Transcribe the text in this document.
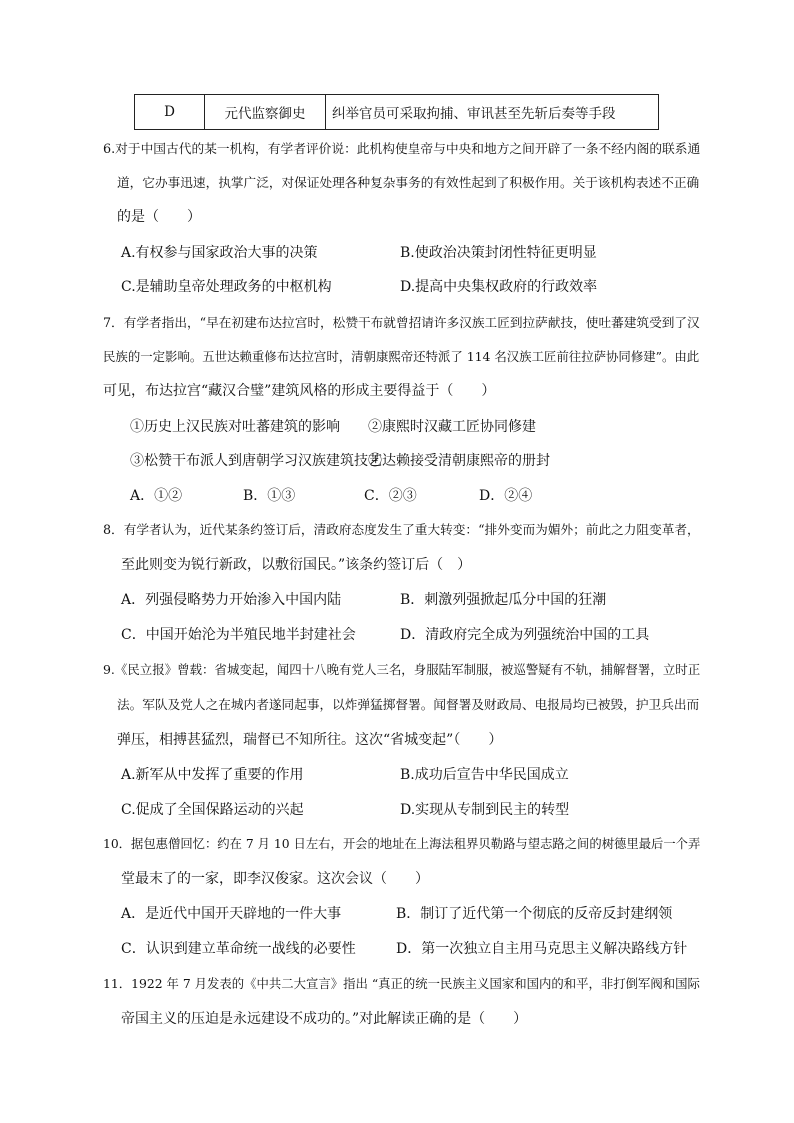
D	元代监察御史	纠举官员可采取拘捕、审讯甚至先斩后奏等手段
6.对于中国古代的某一机构，有学者评价说：此机构使皇帝与中央和地方之间开辟了一条不经内阁的联系通
道，它办事迅速，执掌广泛，对保证处理各种复杂事务的有效性起到了积极作用。关于该机构表述不正确
的是（　　）
A.有权参与国家政治大事的决策	B.使政治决策封闭性特征更明显
C.是辅助皇帝处理政务的中枢机构	D.提高中央集权政府的行政效率
7．有学者指出，“早在初建布达拉宫时，松赞干布就曾招请许多汉族工匠到拉萨献技，使吐蕃建筑受到了汉
民族的一定影响。五世达赖重修布达拉宫时，清朝康熙帝还特派了 114 名汉族工匠前往拉萨协同修建”。由此
可见，布达拉宫“藏汉合璧”建筑风格的形成主要得益于（　　）
①历史上汉民族对吐蕃建筑的影响 ②康熙时汉藏工匠协同修建
③松赞干布派人到唐朝学习汉族建筑技艺
④达赖接受清朝康熙帝的册封
A．①②	B．①③	C．②③	D．②④
8．有学者认为，近代某条约签订后，清政府态度发生了重大转变：“排外变而为媚外；前此之力阻变革者，
至此则变为锐行新政，以敷衍国民。”该条约签订后（　）
A．列强侵略势力开始渗入中国内陆	B．刺激列强掀起瓜分中国的狂潮
C．中国开始沦为半殖民地半封建社会	D．清政府完全成为列强统治中国的工具
9.《民立报》曾载：省城变起，闻四十八晚有党人三名，身服陆军制服，被巡警疑有不轨，捕解督署，立时正
法。军队及党人之在城内者遂同起事，以炸弹猛掷督署。闻督署及财政局、电报局均已被毁，护卫兵出而
弹压，相搏甚猛烈，瑞督已不知所往。这次“省城变起”（　　）
A.新军从中发挥了重要的作用	B.成功后宣告中华民国成立
C.促成了全国保路运动的兴起	D.实现从专制到民主的转型
10．据包惠僧回忆：约在 7 月 10 日左右，开会的地址在上海法租界贝勒路与望志路之间的树德里最后一个弄
堂最末了的一家，即李汉俊家。这次会议（　　）
A．是近代中国开天辟地的一件大事	B．制订了近代第一个彻底的反帝反封建纲领
C．认识到建立革命统一战线的必要性	D．第一次独立自主用马克思主义解决路线方针
11．1922 年 7 月发表的《中共二大宣言》指出 “真正的统一民族主义国家和国内的和平，非打倒军阀和国际
帝国主义的压迫是永远建设不成功的。”对此解读正确的是（　　）
